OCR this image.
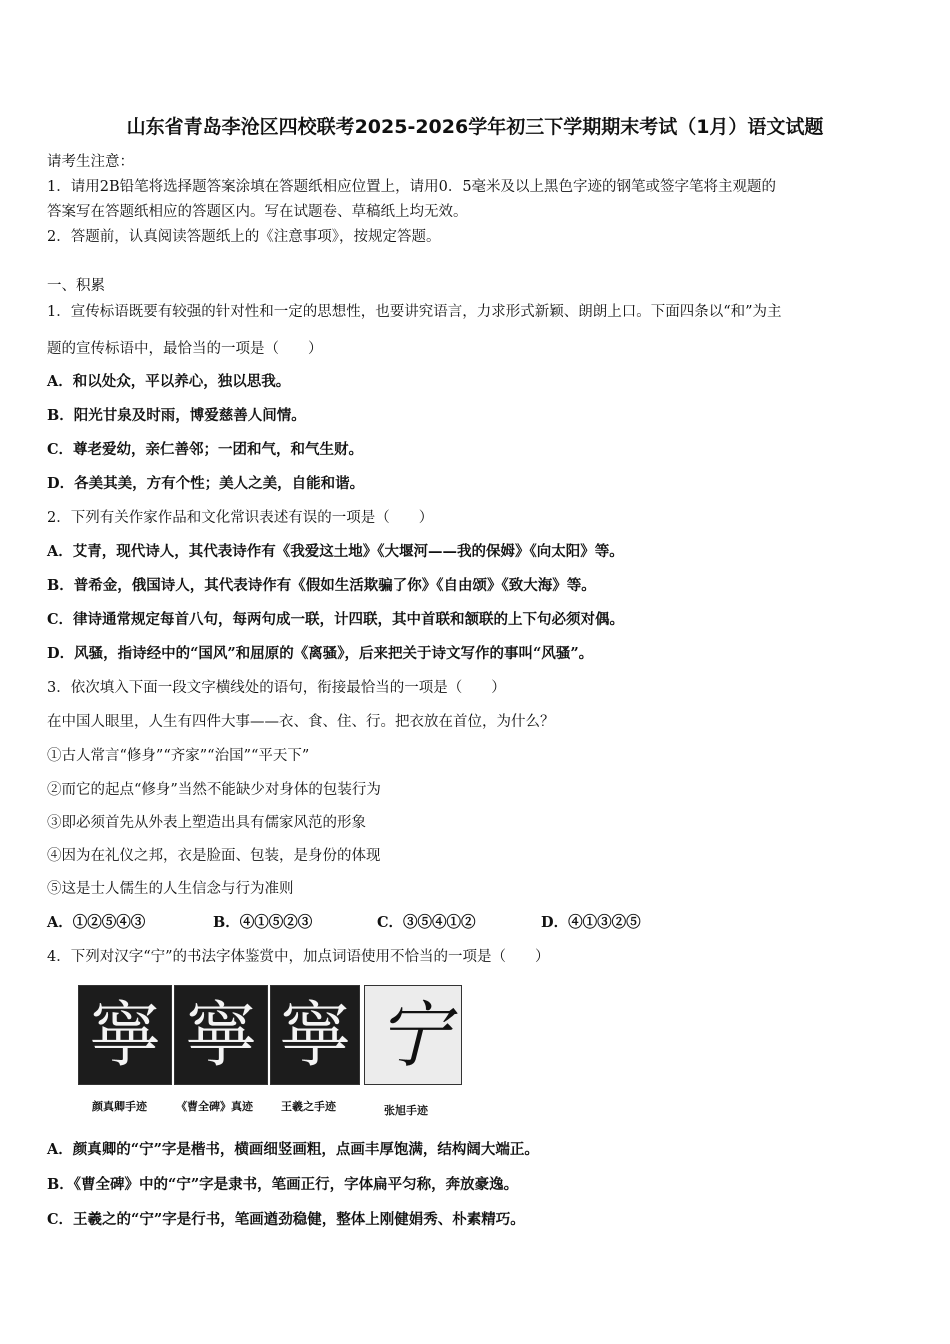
山东省青岛李沧区四校联考2025-2026学年初三下学期期末考试（1月）语文试题
请考生注意：
1．请用2B铅笔将选择题答案涂填在答题纸相应位置上，请用0．5毫米及以上黑色字迹的钢笔或签字笔将主观题的
答案写在答题纸相应的答题区内。写在试题卷、草稿纸上均无效。
2．答题前，认真阅读答题纸上的《注意事项》，按规定答题。
一、积累
1．宣传标语既要有较强的针对性和一定的思想性，也要讲究语言，力求形式新颖、朗朗上口。下面四条以“和”为主
题的宣传标语中，最恰当的一项是（　　）
A．和以处众，平以养心，独以思我。
B．阳光甘泉及时雨，博爱慈善人间情。
C．尊老爱幼，亲仁善邻；一团和气，和气生财。
D．各美其美，方有个性；美人之美，自能和谐。
2．下列有关作家作品和文化常识表述有误的一项是（　　）
A．艾青，现代诗人，其代表诗作有《我爱这土地》《大堰河——我的保姆》《向太阳》等。
B．普希金，俄国诗人，其代表诗作有《假如生活欺骗了你》《自由颂》《致大海》等。
C．律诗通常规定每首八句，每两句成一联，计四联，其中首联和颔联的上下句必须对偶。
D．风骚，指诗经中的“国风”和屈原的《离骚》，后来把关于诗文写作的事叫“风骚”。
3．依次填入下面一段文字横线处的语句，衔接最恰当的一项是（　　）
在中国人眼里，人生有四件大事——衣、食、住、行。把衣放在首位，为什么？
①古人常言“修身”“齐家”“治国”“平天下”
②而它的起点“修身”当然不能缺少对身体的包装行为
③即必须首先从外表上塑造出具有儒家风范的形象
④因为在礼仪之邦，衣是脸面、包装，是身份的体现
⑤这是士人儒生的人生信念与行为准则
A．①②⑤④③	B．④①⑤②③	C．③⑤④①②	D．④①③②⑤
4．下列对汉字“宁”的书法字体鉴赏中，加点词语使用不恰当的一项是（　　）
寧 寧 寧 宁
颜真卿手迹	《曹全碑》真迹	王羲之手迹	张旭手迹
A．颜真卿的“宁”字是楷书，横画细竖画粗，点画丰厚饱满，结构阔大端正。
B．《曹全碑》中的“宁”字是隶书，笔画正行，字体扁平匀称，奔放豪逸。
C．王羲之的“宁”字是行书，笔画遒劲稳健，整体上刚健娟秀、朴素精巧。
